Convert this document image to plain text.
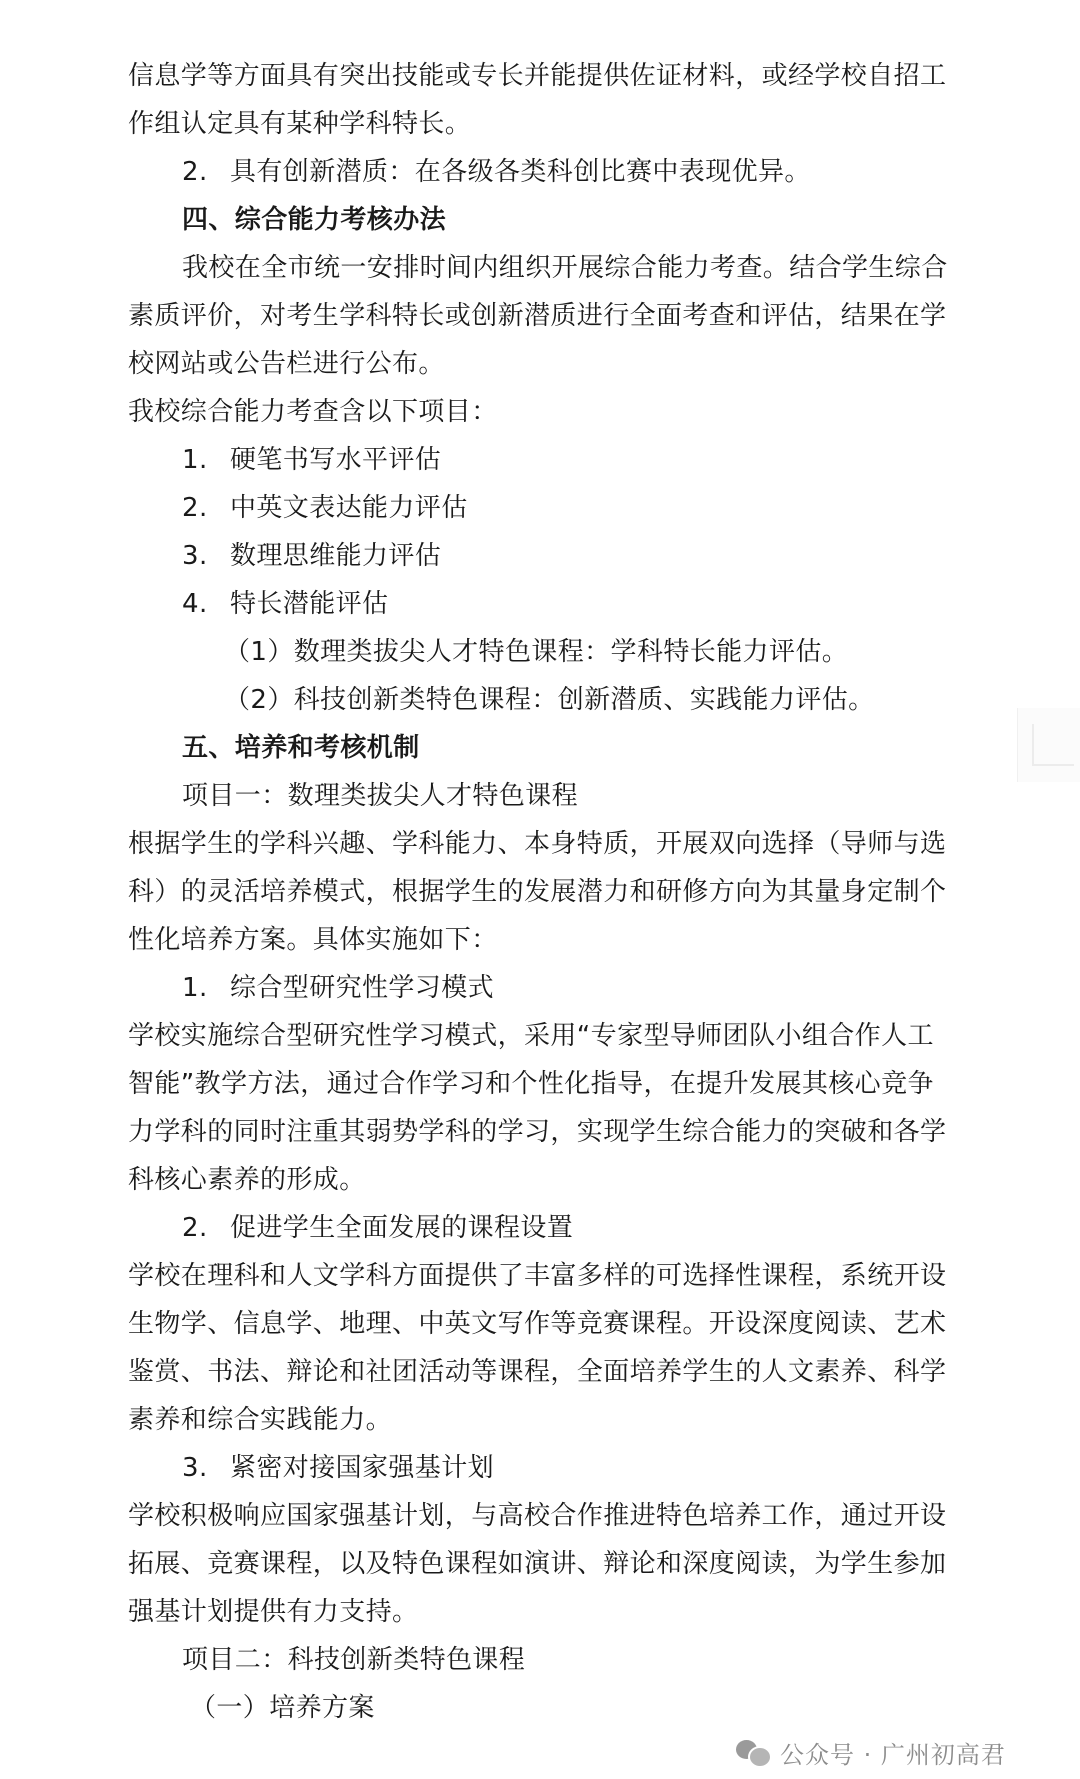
信息学等方面具有突出技能或专长并能提供佐证材料，或经学校自招工
作组认定具有某种学科特长。
2. 具有创新潜质：在各级各类科创比赛中表现优异。
四、综合能力考核办法
我校在全市统一安排时间内组织开展综合能力考查。结合学生综合
素质评价，对考生学科特长或创新潜质进行全面考查和评估，结果在学
校网站或公告栏进行公布。
我校综合能力考查含以下项目：
1. 硬笔书写水平评估
2. 中英文表达能力评估
3. 数理思维能力评估
4. 特长潜能评估
（1）数理类拔尖人才特色课程：学科特长能力评估。
（2）科技创新类特色课程：创新潜质、实践能力评估。
五、培养和考核机制
项目一：数理类拔尖人才特色课程
根据学生的学科兴趣、学科能力、本身特质，开展双向选择（导师与选
科）的灵活培养模式，根据学生的发展潜力和研修方向为其量身定制个
性化培养方案。具体实施如下：
1. 综合型研究性学习模式
学校实施综合型研究性学习模式，采用“专家型导师团队小组合作人工
智能”教学方法，通过合作学习和个性化指导，在提升发展其核心竞争
力学科的同时注重其弱势学科的学习，实现学生综合能力的突破和各学
科核心素养的形成。
2. 促进学生全面发展的课程设置
学校在理科和人文学科方面提供了丰富多样的可选择性课程，系统开设
生物学、信息学、地理、中英文写作等竞赛课程。开设深度阅读、艺术
鉴赏、书法、辩论和社团活动等课程，全面培养学生的人文素养、科学
素养和综合实践能力。
3. 紧密对接国家强基计划
学校积极响应国家强基计划，与高校合作推进特色培养工作，通过开设
拓展、竞赛课程，以及特色课程如演讲、辩论和深度阅读，为学生参加
强基计划提供有力支持。
项目二：科技创新类特色课程
（一）培养方案
公众号 · 广州初高君
